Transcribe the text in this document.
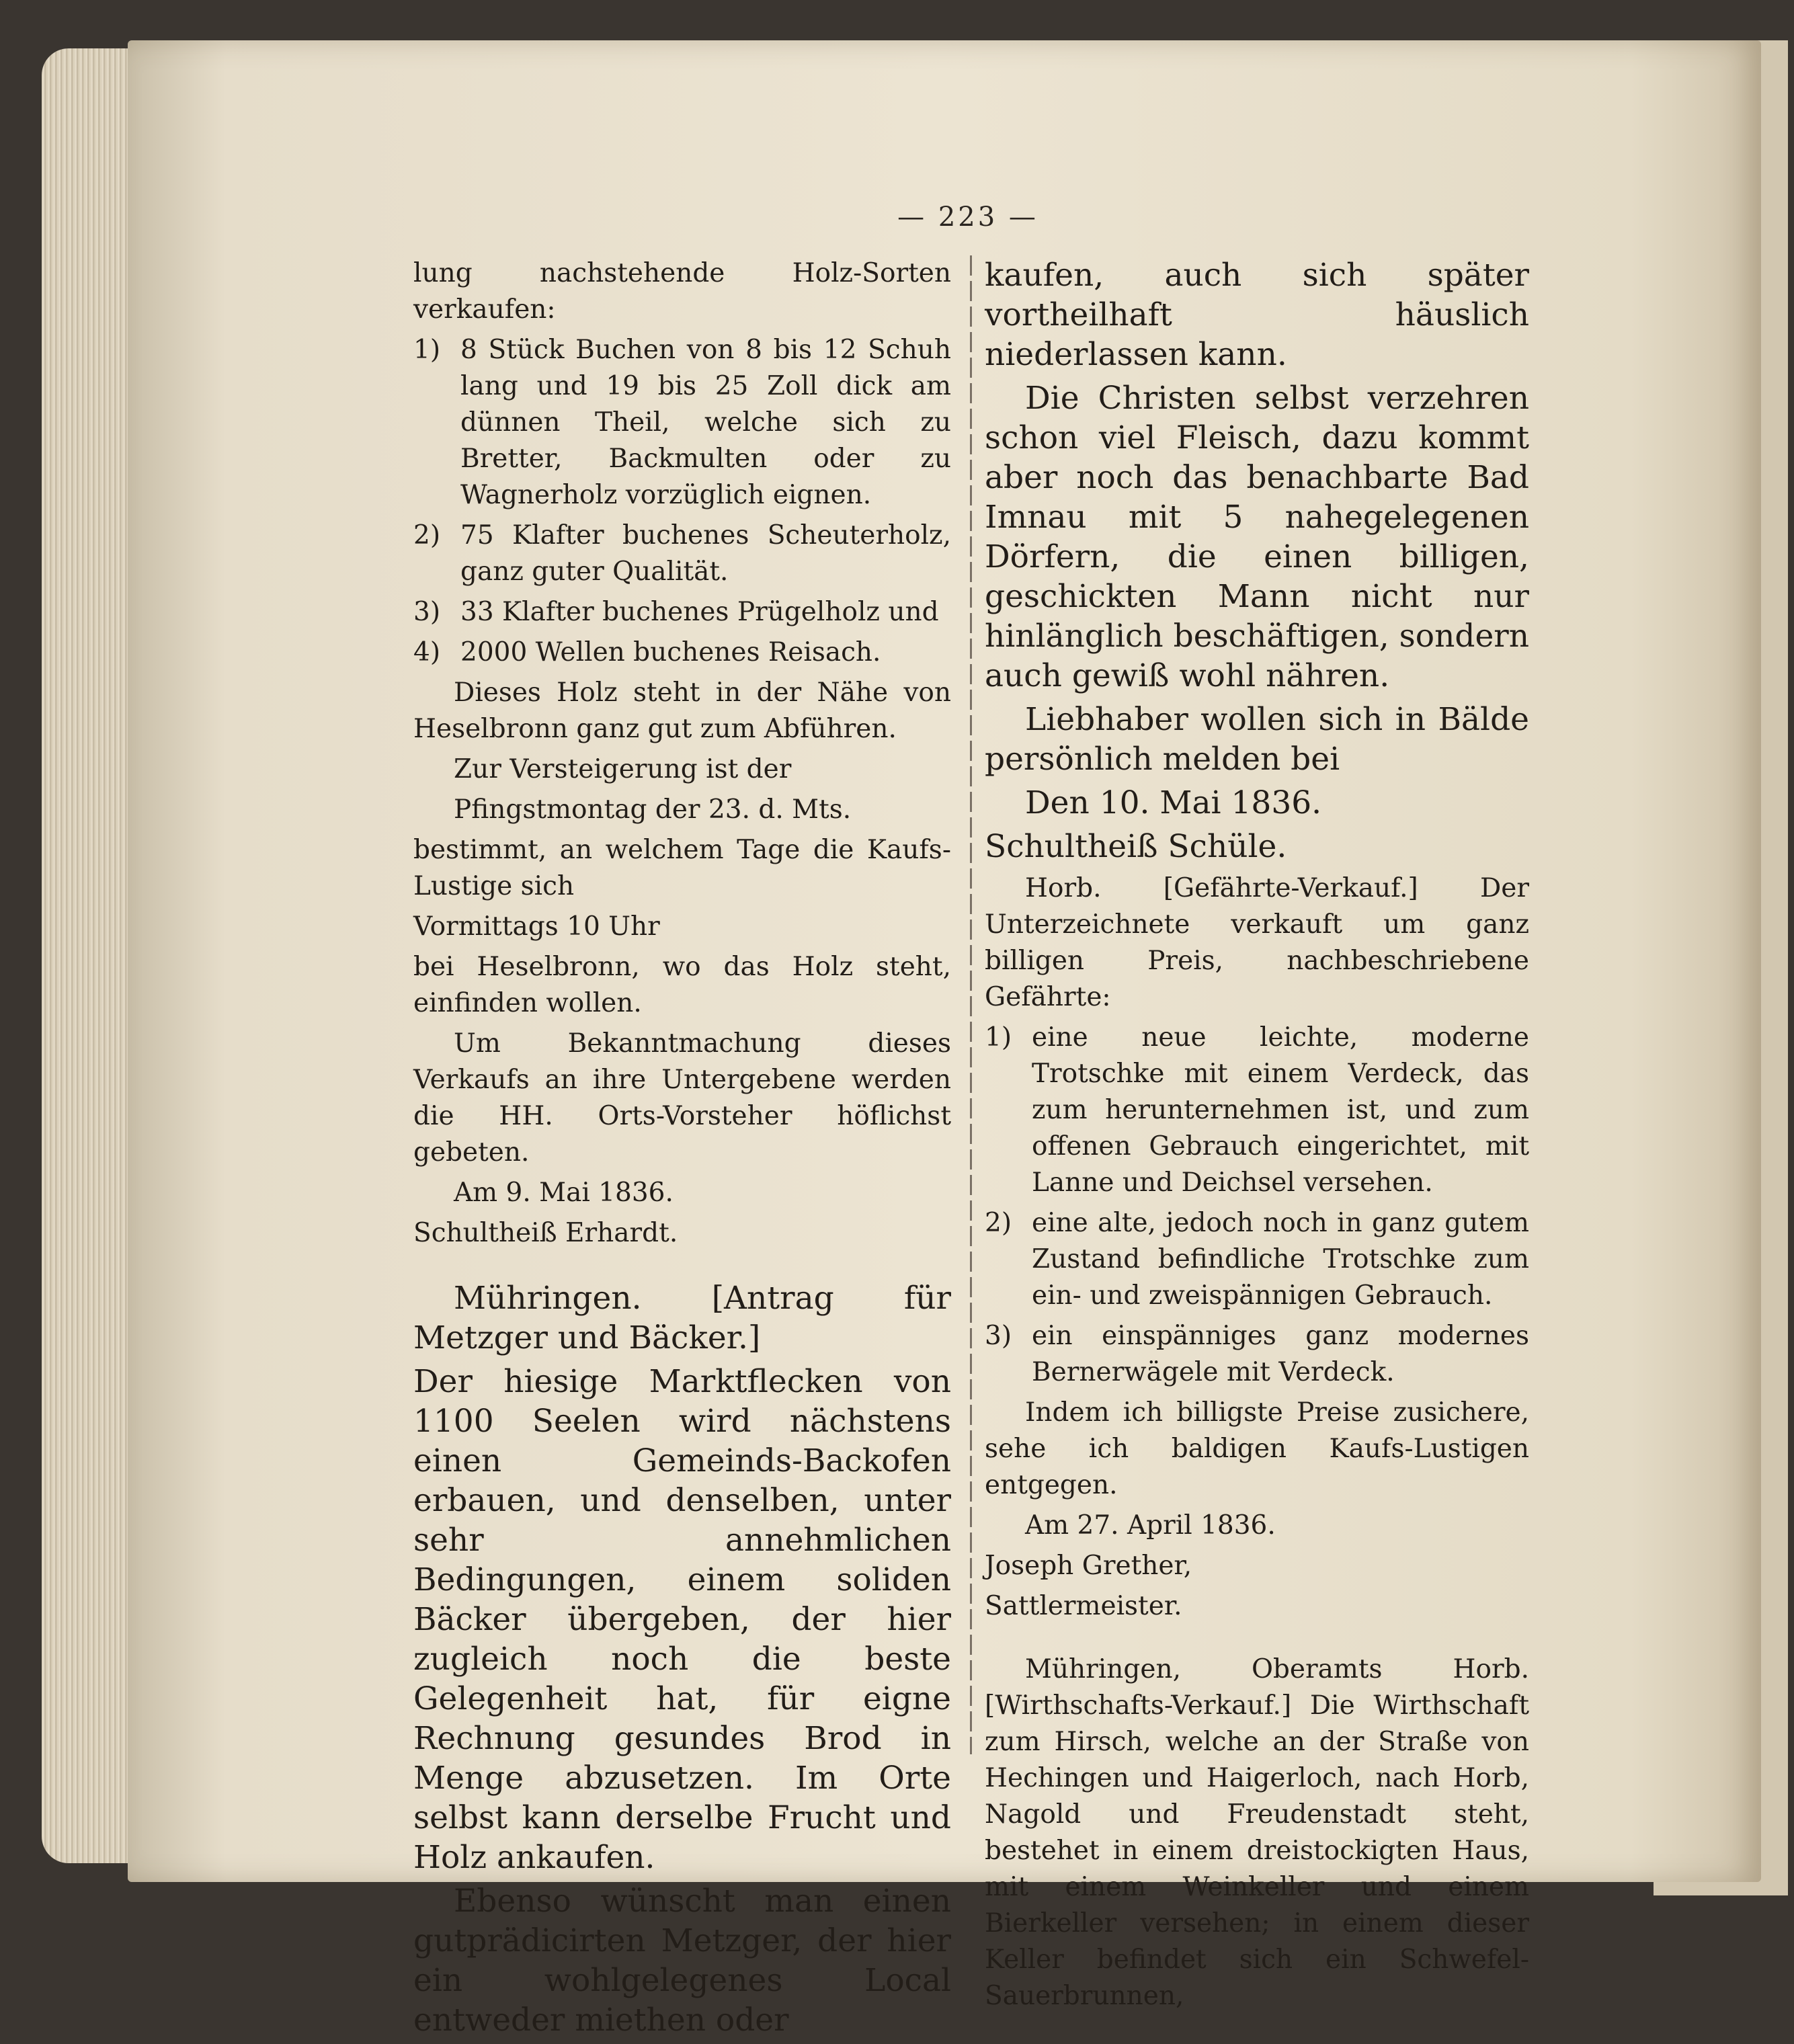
— 223 —

lung nachstehende Holz-Sorten verkaufen:

1) 8 Stück Buchen von 8 bis 12 Schuh lang und 19 bis 25 Zoll dick am dünnen Theil, welche sich zu Bretter, Backmulten oder zu Wagnerholz vorzüglich eignen.
2) 75 Klafter buchenes Scheuterholz, ganz guter Qualität.
3) 33 Klafter buchenes Prügelholz und
4) 2000 Wellen buchenes Reisach.

Dieses Holz steht in der Nähe von Heselbronn ganz gut zum Abführen.

Zur Versteigerung ist der

Pfingstmontag der 23. d. Mts.

bestimmt, an welchem Tage die Kaufs-Lustige sich

Vormittags 10 Uhr

bei Heselbronn, wo das Holz steht, einfinden wollen.

Um Bekanntmachung dieses Verkaufs an ihre Untergebene werden die HH. Orts-Vorsteher höflichst gebeten.

Am 9. Mai 1836.

Schultheiß Erhardt.

Mühringen. [Antrag für Metzger und Bäcker.]

Der hiesige Marktflecken von 1100 Seelen wird nächstens einen Gemeinds-Backofen erbauen, und denselben, unter sehr annehmlichen Bedingungen, einem soliden Bäcker übergeben, der hier zugleich noch die beste Gelegenheit hat, für eigne Rechnung gesundes Brod in Menge abzusetzen. Im Orte selbst kann derselbe Frucht und Holz ankaufen.

Ebenso wünscht man einen gutprädicirten Metzger, der hier ein wohlgelegenes Local entweder miethen oder

kaufen, auch sich später vortheilhaft häuslich niederlassen kann.

Die Christen selbst verzehren schon viel Fleisch, dazu kommt aber noch das benachbarte Bad Imnau mit 5 nahegelegenen Dörfern, die einen billigen, geschickten Mann nicht nur hinlänglich beschäftigen, sondern auch gewiß wohl nähren.

Liebhaber wollen sich in Bälde persönlich melden bei

Den 10. Mai 1836.

Schultheiß Schüle.

Horb. [Gefährte-Verkauf.] Der Unterzeichnete verkauft um ganz billigen Preis, nachbeschriebene Gefährte:

1) eine neue leichte, moderne Trotschke mit einem Verdeck, das zum herunternehmen ist, und zum offenen Gebrauch eingerichtet, mit Lanne und Deichsel versehen.
2) eine alte, jedoch noch in ganz gutem Zustand befindliche Trotschke zum ein- und zweispännigen Gebrauch.
3) ein einspänniges ganz modernes Bernerwägele mit Verdeck.

Indem ich billigste Preise zusichere, sehe ich baldigen Kaufs-Lustigen entgegen.

Am 27. April 1836.

Joseph Grether,

Sattlermeister.

Mühringen, Oberamts Horb. [Wirthschafts-Verkauf.] Die Wirthschaft zum Hirsch, welche an der Straße von Hechingen und Haigerloch, nach Horb, Nagold und Freudenstadt steht, bestehet in einem dreistockigten Haus, mit einem Weinkeller und einem Bierkeller versehen; in einem dieser Keller befindet sich ein Schwefel-Sauerbrunnen,
